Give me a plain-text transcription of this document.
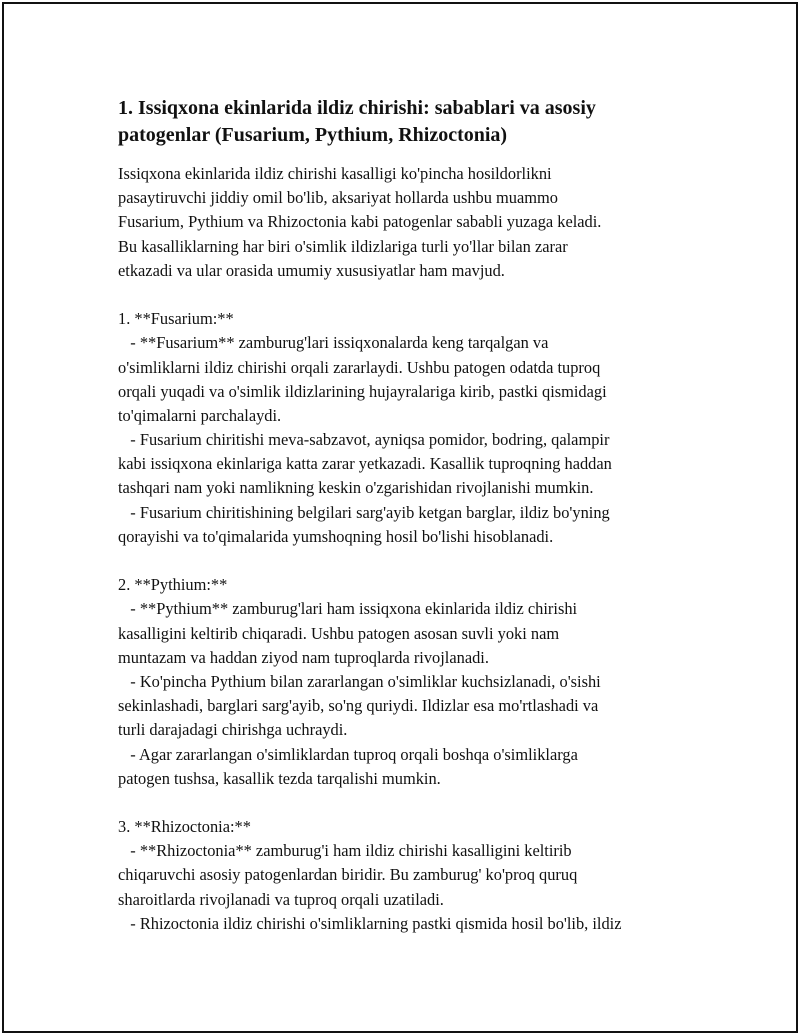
1. Issiqxona ekinlarida ildiz chirishi: sabablari va asosiy
patogenlar (Fusarium, Pythium, Rhizoctonia)
Issiqxona ekinlarida ildiz chirishi kasalligi ko'pincha hosildorlikni
pasaytiruvchi jiddiy omil bo'lib, aksariyat hollarda ushbu muammo
Fusarium, Pythium va Rhizoctonia kabi patogenlar sababli yuzaga keladi.
Bu kasalliklarning har biri o'simlik ildizlariga turli yo'llar bilan zarar
etkazadi va ular orasida umumiy xususiyatlar ham mavjud.
1. **Fusarium:**
- **Fusarium** zamburug'lari issiqxonalarda keng tarqalgan va
o'simliklarni ildiz chirishi orqali zararlaydi. Ushbu patogen odatda tuproq
orqali yuqadi va o'simlik ildizlarining hujayralariga kirib, pastki qismidagi
to'qimalarni parchalaydi.
- Fusarium chiritishi meva-sabzavot, ayniqsa pomidor, bodring, qalampir
kabi issiqxona ekinlariga katta zarar yetkazadi. Kasallik tuproqning haddan
tashqari nam yoki namlikning keskin o'zgarishidan rivojlanishi mumkin.
- Fusarium chiritishining belgilari sarg'ayib ketgan barglar, ildiz bo'yning
qorayishi va to'qimalarida yumshoqning hosil bo'lishi hisoblanadi.
2. **Pythium:**
- **Pythium** zamburug'lari ham issiqxona ekinlarida ildiz chirishi
kasalligini keltirib chiqaradi. Ushbu patogen asosan suvli yoki nam
muntazam va haddan ziyod nam tuproqlarda rivojlanadi.
- Ko'pincha Pythium bilan zararlangan o'simliklar kuchsizlanadi, o'sishi
sekinlashadi, barglari sarg'ayib, so'ng quriydi. Ildizlar esa mo'rtlashadi va
turli darajadagi chirishga uchraydi.
- Agar zararlangan o'simliklardan tuproq orqali boshqa o'simliklarga
patogen tushsa, kasallik tezda tarqalishi mumkin.
3. **Rhizoctonia:**
- **Rhizoctonia** zamburug'i ham ildiz chirishi kasalligini keltirib
chiqaruvchi asosiy patogenlardan biridir. Bu zamburug' ko'proq quruq
sharoitlarda rivojlanadi va tuproq orqali uzatiladi.
- Rhizoctonia ildiz chirishi o'simliklarning pastki qismida hosil bo'lib, ildiz
